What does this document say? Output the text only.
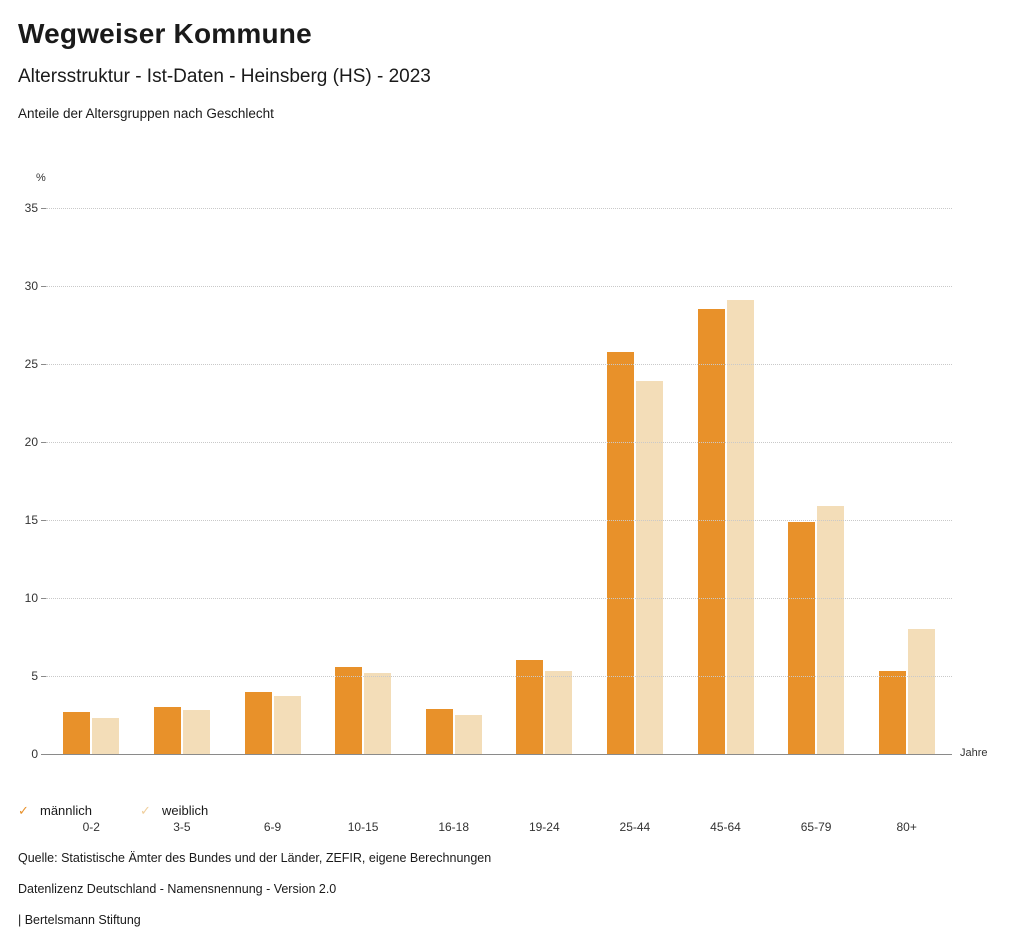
Wegweiser Kommune
Altersstruktur - Ist-Daten - Heinsberg (HS) - 2023
Anteile der Altersgruppen nach Geschlecht
%
Jahre
0
5
10
15
20
25
30
35
0-2	3-5	6-9	10-15	16-18	19-24	25-44	45-64	65-79	80+
✓ männlich	✓ weiblich
Quelle: Statistische Ämter des Bundes und der Länder, ZEFIR, eigene Berechnungen
Datenlizenz Deutschland - Namensnennung - Version 2.0
| Bertelsmann Stiftung
